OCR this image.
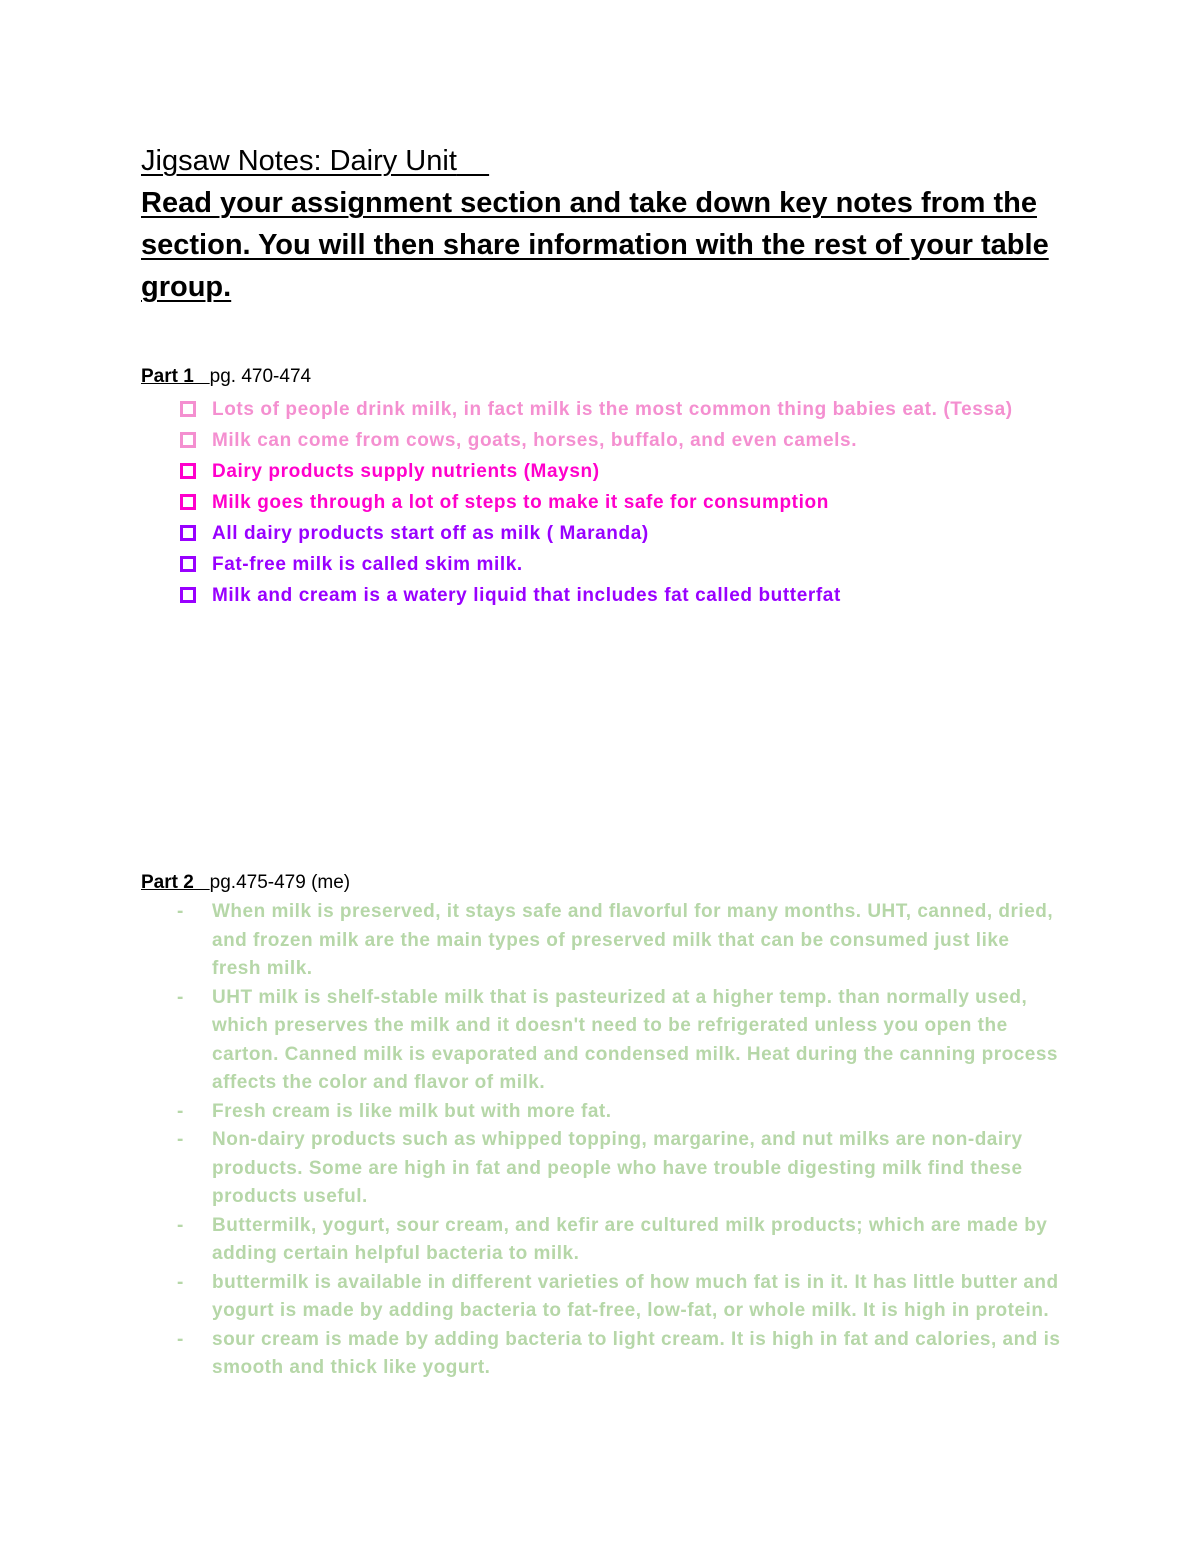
Jigsaw Notes: Dairy Unit

Read your assignment section and take down key notes from the section. You will then share information with the rest of your table group.

Part 1   pg. 470-474

Lots of people drink milk, in fact milk is the most common thing babies eat. (Tessa)
Milk can come from cows, goats, horses, buffalo, and even camels.
Dairy products supply nutrients (Maysn)
Milk goes through a lot of steps to make it safe for consumption
All dairy products start off as milk ( Maranda)
Fat-free milk is called skim milk.
Milk and cream is a watery liquid that includes fat called butterfat

Part 2   pg.475-479 (me)

- When milk is preserved, it stays safe and flavorful for many months. UHT, canned, dried, and frozen milk are the main types of preserved milk that can be consumed just like fresh milk.
- UHT milk is shelf-stable milk that is pasteurized at a higher temp. than normally used, which preserves the milk and it doesn't need to be refrigerated unless you open the carton. Canned milk is evaporated and condensed milk. Heat during the canning process affects the color and flavor of milk.
- Fresh cream is like milk but with more fat.
- Non-dairy products such as whipped topping, margarine, and nut milks are non-dairy products. Some are high in fat and people who have trouble digesting milk find these products useful.
- Buttermilk, yogurt, sour cream, and kefir are cultured milk products; which are made by adding certain helpful bacteria to milk.
- buttermilk is available in different varieties of how much fat is in it. It has little butter and yogurt is made by adding bacteria to fat-free, low-fat, or whole milk. It is high in protein.
- sour cream is made by adding bacteria to light cream. It is high in fat and calories, and is smooth and thick like yogurt.
